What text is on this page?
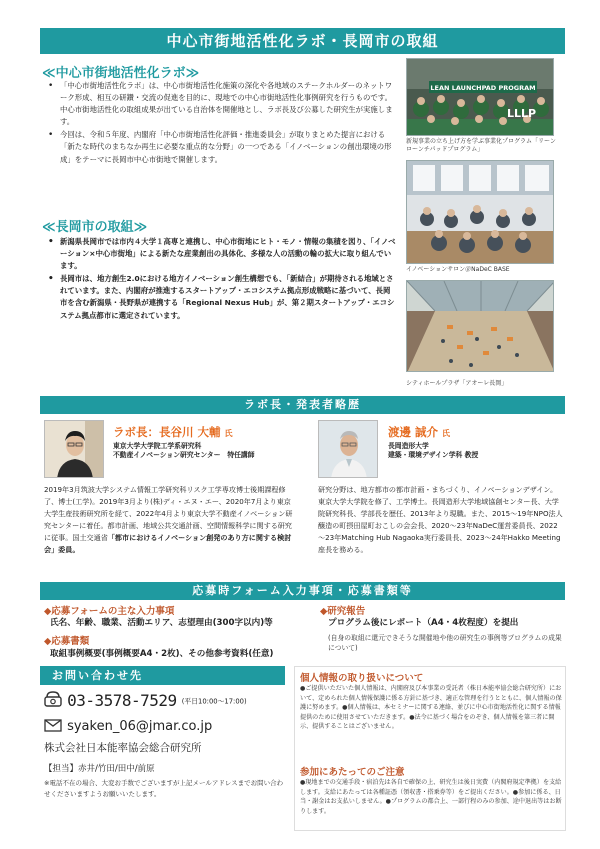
中心市街地活性化ラボ・長岡市の取組
≪中心市街地活性化ラボ≫
• 「中心市街地活性化ラボ」は、中心市街地活性化施策の深化や各地域のステークホルダーのネットワーク形成、相互の研鑽・交流の促進を目的に、現地での中心市街地活性化事例研究を行うものです。中心市街地活性化の取組成果が出ている自治体を開催地とし、ラボ長及び公募した研究生が実施します。
• 今回は、令和５年度、内閣府「中心市街地活性化評価・推進委員会」が取りまとめた提言における「新たな時代のまちなか再生に必要な重点的な分野」の一つである「イノベーションの創出環境の形成」をテーマに長岡市中心市街地で開催します。
≪長岡市の取組≫
• 新潟県長岡市では市内４大学１高専と連携し、中心市街地にヒト・モノ・情報の集積を図り、「イノベーション×中心市街地」による新たな産業創出の具体化、多様な人の活動の輪の拡大に取り組んでいます。
• 長岡市は、地方創生2.0における地方イノベーション創生構想でも、「新結合」が期待される地域とされています。また、内閣府が推進するスタートアップ・エコシステム拠点形成戦略に基づいて、長岡市を含む新潟県・長野県が連携する「Regional Nexus Hub」が、第２期スタートアップ・エコシステム拠点都市に選定されています。
LEAN LAUNCHPAD PROGRAM
LLLP
新規事業の立ち上げ方を学ぶ事業化プログラム「リーンローンチパッドプログラム」
イノベーションサロン＠NaDeC BASE
シティホールプラザ「アオーレ長岡」
ラボ長・発表者略歴
ラボ長：長谷川 大輔 氏
東京大学大学院工学系研究科
不動産イノベーション研究センター　特任講師
2019年3月筑波大学システム情報工学研究科リスク工学専攻博士後期課程修了、博士(工学)。2019年3月より(株)ディ・エヌ・エー、2020年7月より東京大学生産技術研究所を経て、2022年4月より東京大学不動産イノベーション研究センターに着任。都市計画、地域公共交通計画、空間情報科学に関する研究に従事。国土交通省「都市におけるイノベーション創発のあり方に関する検討会」委員。
渡邊 誠介 氏
長岡造形大学
建築・環境デザイン学科 教授
研究分野は、地方都市の都市計画・まちづくり、イノベーションデザイン。東京大学大学院を修了、工学博士。長岡造形大学地域協創センター長、大学院研究科長、学部長を歴任、2013年より現職。また、2015～19年NPO法人醸造の町摂田屋町おこしの会会長、2020～23年NaDeC運営委員長、2022～23年Matching Hub Nagaoka実行委員長、2023～24年Hakko Meeting座長を務める。
応募時フォーム入力事項・応募書類等
◆応募フォームの主な入力事項
氏名、年齢、職業、活動エリア、志望理由(300字以内)等
◆応募書類
取組事例概要(事例概要A4・2枚)、その他参考資料(任意)
◆研究報告
プログラム後にレポート（A4・4枚程度）を提出
(自身の取組に還元できそうな開催地や他の研究生の事例等プログラムの成果について)
お問い合わせ先
03-3578-7529 (平日10:00～17:00)
syaken_06@jmar.co.jp
株式会社日本能率協会総合研究所
【担当】赤井/竹田/田中/前原
※電話不在の場合、大変お手数でございますが上記メールアドレスまでお問い合わせくださいますようお願いいたします。
個人情報の取り扱いについて
●ご提供いただいた個人情報は、内閣府及び本事業の受託者（株日本能率協会総合研究所）において、定められた個人情報保護に係る方針に基づき、適正な管理を行うとともに、個人情報の保護に努めます。●個人情報は、本セミナーに関する連絡、並びに中心市街地活性化に関する情報提供のために使用させていただきます。●法令に基づく場合をのぞき、個人情報を第三者に開示、提供することはございません。
参加にあたってのご注意
●現地までの交通手段・宿泊先は各自で確保の上、研究生は後日実費（内閣府規定準拠）を支給します。支給にあたっては各種証憑（領収書・搭乗券等）をご提出ください。●参加に係る、日当・謝金はお支払いしません。●プログラムの都合上、一部行程のみの参加、途中退出等はお断りします。
